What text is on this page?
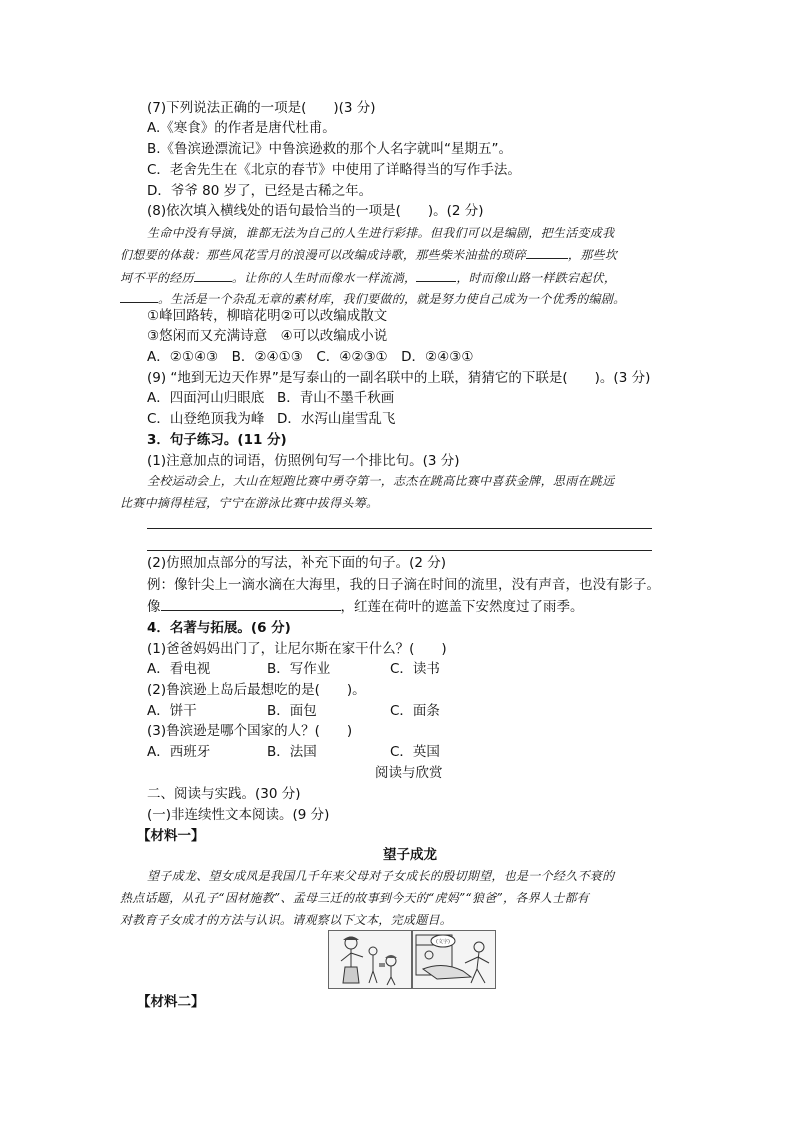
(7)下列说法正确的一项是(　　)(3 分)
A.《寒食》的作者是唐代杜甫。
B.《鲁滨逊漂流记》中鲁滨逊救的那个人名字就叫“星期五”。
C．老舍先生在《北京的春节》中使用了详略得当的写作手法。
D．爷爷 80 岁了，已经是古稀之年。
(8)依次填入横线处的语句最恰当的一项是(　　)。(2 分)
生命中没有导演，谁都无法为自己的人生进行彩排。但我们可以是编剧，把生活变成我
们想要的体裁：那些风花雪月的浪漫可以改编成诗歌，那些柴米油盐的琐碎	，那些坎
坷不平的经历	。让你的人生时而像水一样流淌，	，时而像山路一样跌宕起伏，
。生活是一个杂乱无章的素材库，我们要做的，就是努力使自己成为一个优秀的编剧。
①峰回路转，柳暗花明②可以改编成散文
③悠闲而又充满诗意　④可以改编成小说
A．②①④③　B．②④①③　C．④②③①　D．②④③①
(9) “地到无边天作界”是写泰山的一副名联中的上联，猜猜它的下联是(　　)。(3 分)
A．四面河山归眼底 B．青山不墨千秋画
C．山登绝顶我为峰 D．水泻山崖雪乱飞
3．句子练习。(11 分)
(1)注意加点的词语，仿照例句写一个排比句。(3 分)
全校运动会上，大山在短跑比赛中勇夺第一，志杰在跳高比赛中喜获金牌，思雨在跳远
比赛中摘得桂冠，宁宁在游泳比赛中拔得头筹。
(2)仿照加点部分的写法，补充下面的句子。(2 分)
例：像针尖上一滴水滴在大海里，我的日子滴在时间的流里，没有声音，也没有影子。
像	，红莲在荷叶的遮盖下安然度过了雨季。
4．名著与拓展。(6 分)
(1)爸爸妈妈出门了，让尼尔斯在家干什么？(　　)
A．看电视	B．写作业	C．读书
(2)鲁滨逊上岛后最想吃的是(　　)。
A．饼干	B．面包	C．面条
(3)鲁滨逊是哪个国家的人？(　　)
A．西班牙	B．法国	C．英国
阅读与欣赏
二、阅读与实践。(30 分)
(一)非连续性文本阅读。(9 分)
【材料一】
望子成龙
望子成龙、望女成凤是我国几千年来父母对子女成长的殷切期望，也是一个经久不衰的
热点话题，从孔子“因材施教”、孟母三迁的故事到今天的“虎妈”“狼爸”，各界人士都有
对教育子女成才的方法与认识。请观察以下文本，完成题目。
(文字)
【材料二】
